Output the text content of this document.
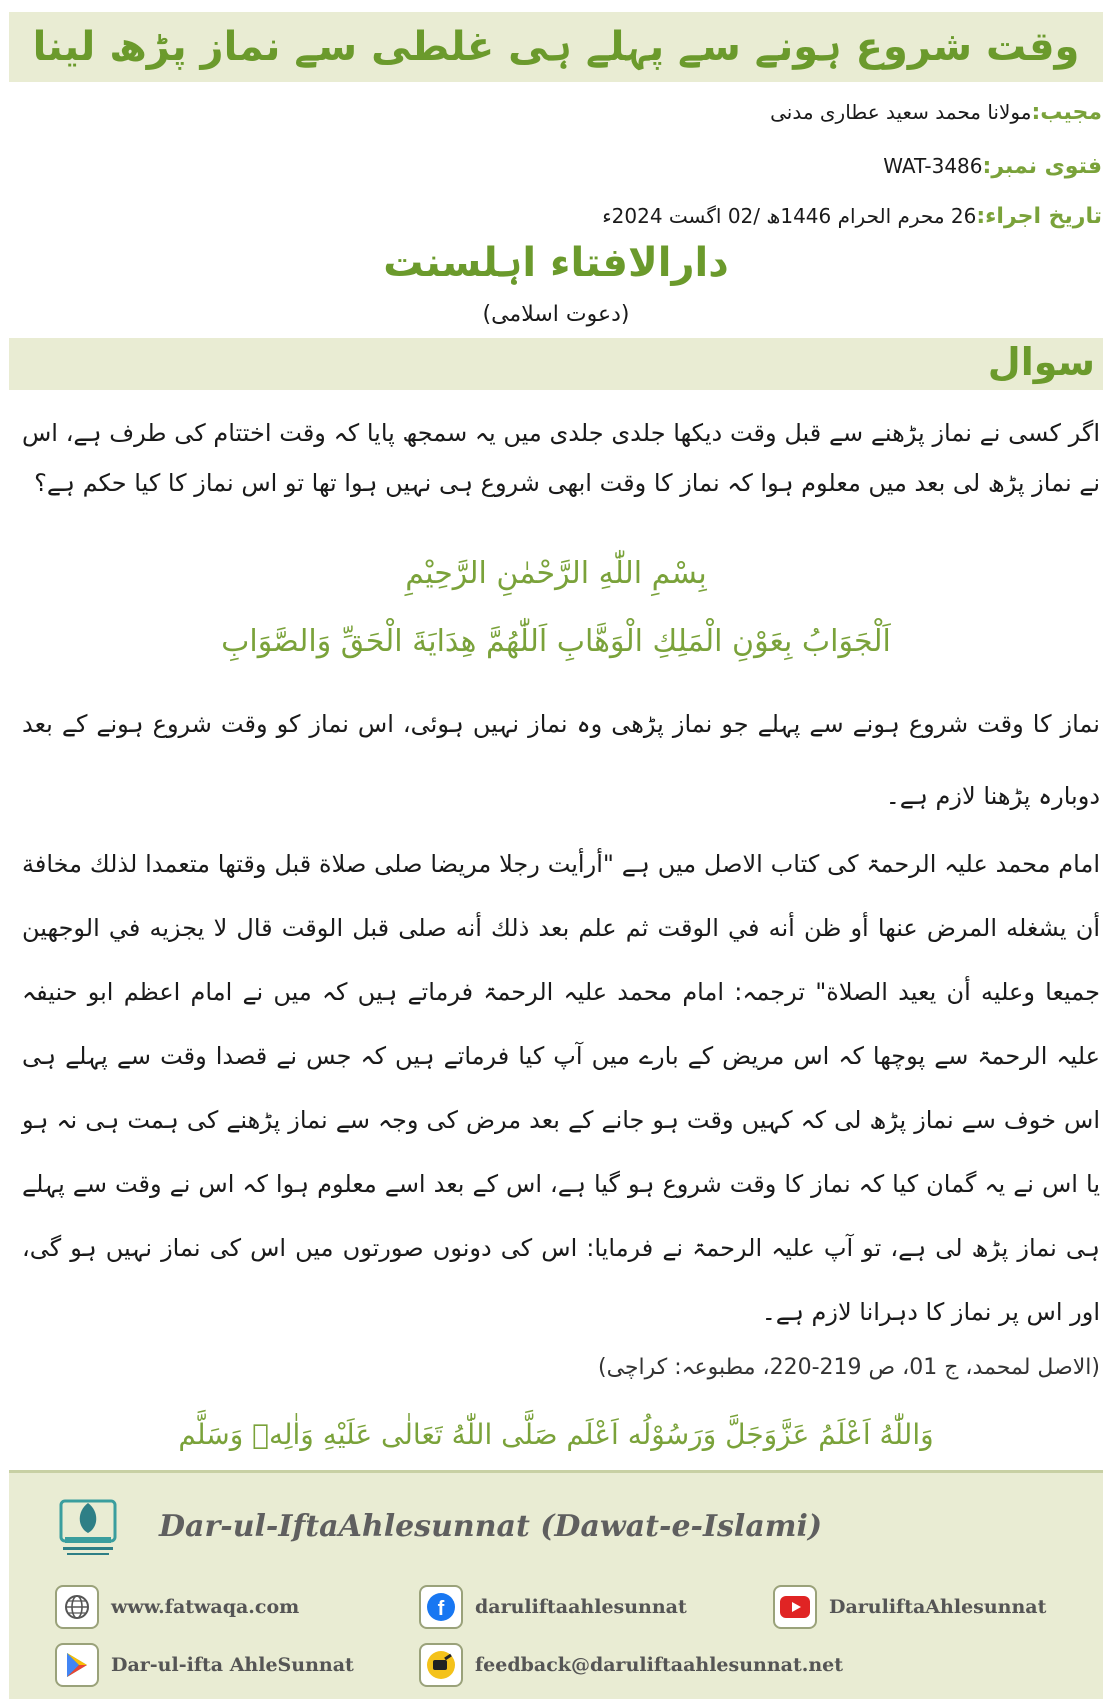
وقت شروع ہونے سے پہلے ہی غلطی سے نماز پڑھ لینا
مجیب:مولانا محمد سعید عطاری مدنی
فتوی نمبر:WAT-3486
تاریخ اجراء:26 محرم الحرام 1446ھ /02 اگست 2024ء
دارالافتاء اہلسنت
(دعوت اسلامی)
سوال
اگر کسی نے نماز پڑھنے سے قبل وقت دیکھا جلدی جلدی میں یہ سمجھ پایا کہ وقت اختتام کی طرف ہے، اس نے نماز پڑھ لی بعد میں معلوم ہوا کہ نماز کا وقت ابھی شروع ہی نہیں ہوا تھا تو اس نماز کا کیا حکم ہے؟
بِسْمِ اللّٰهِ الرَّحْمٰنِ الرَّحِيْمِ
اَلْجَوَابُ بِعَوْنِ الْمَلِكِ الْوَهَّابِ اَللّٰهُمَّ هِدَايَةَ الْحَقِّ وَالصَّوَابِ
نماز کا وقت شروع ہونے سے پہلے جو نماز پڑھی وہ نماز نہیں ہوئی، اس نماز کو وقت شروع ہونے کے بعد دوبارہ پڑھنا لازم ہے۔
امام محمد علیہ الرحمۃ کی کتاب الاصل میں ہے "أرأيت رجلا مريضا صلى صلاة قبل وقتها متعمدا لذلك مخافة أن يشغله المرض عنها أو ظن أنه في الوقت ثم علم بعد ذلك أنه صلى قبل الوقت قال لا يجزيه في الوجهين جميعا وعليه أن يعيد الصلاة" ترجمہ: امام محمد علیہ الرحمۃ فرماتے ہیں کہ میں نے امام اعظم ابو حنیفہ علیہ الرحمۃ سے پوچھا کہ اس مریض کے بارے میں آپ کیا فرماتے ہیں کہ جس نے قصدا وقت سے پہلے ہی اس خوف سے نماز پڑھ لی کہ کہیں وقت ہو جانے کے بعد مرض کی وجہ سے نماز پڑھنے کی ہمت ہی نہ ہو یا اس نے یہ گمان کیا کہ نماز کا وقت شروع ہو گیا ہے، اس کے بعد اسے معلوم ہوا کہ اس نے وقت سے پہلے ہی نماز پڑھ لی ہے، تو آپ علیہ الرحمۃ نے فرمایا: اس کی دونوں صورتوں میں اس کی نماز نہیں ہو گی، اور اس پر نماز کا دہرانا لازم ہے۔
(الاصل لمحمد، ج 01، ص 219-220، مطبوعہ: کراچی)
وَاللّٰهُ اَعْلَمُ عَزَّوَجَلَّ وَرَسُوْلُه اَعْلَم صَلَّی اللّٰهُ تَعَالٰی عَلَیْهِ وَاٰلِهٖ وَسَلَّم
Dar-ul-IftaAhlesunnat (Dawat-e-Islami)
www.fatwaqa.com	f daruliftaahlesunnat	DaruliftaAhlesunnat
Dar-ul-ifta AhleSunnat	feedback@daruliftaahlesunnat.net
